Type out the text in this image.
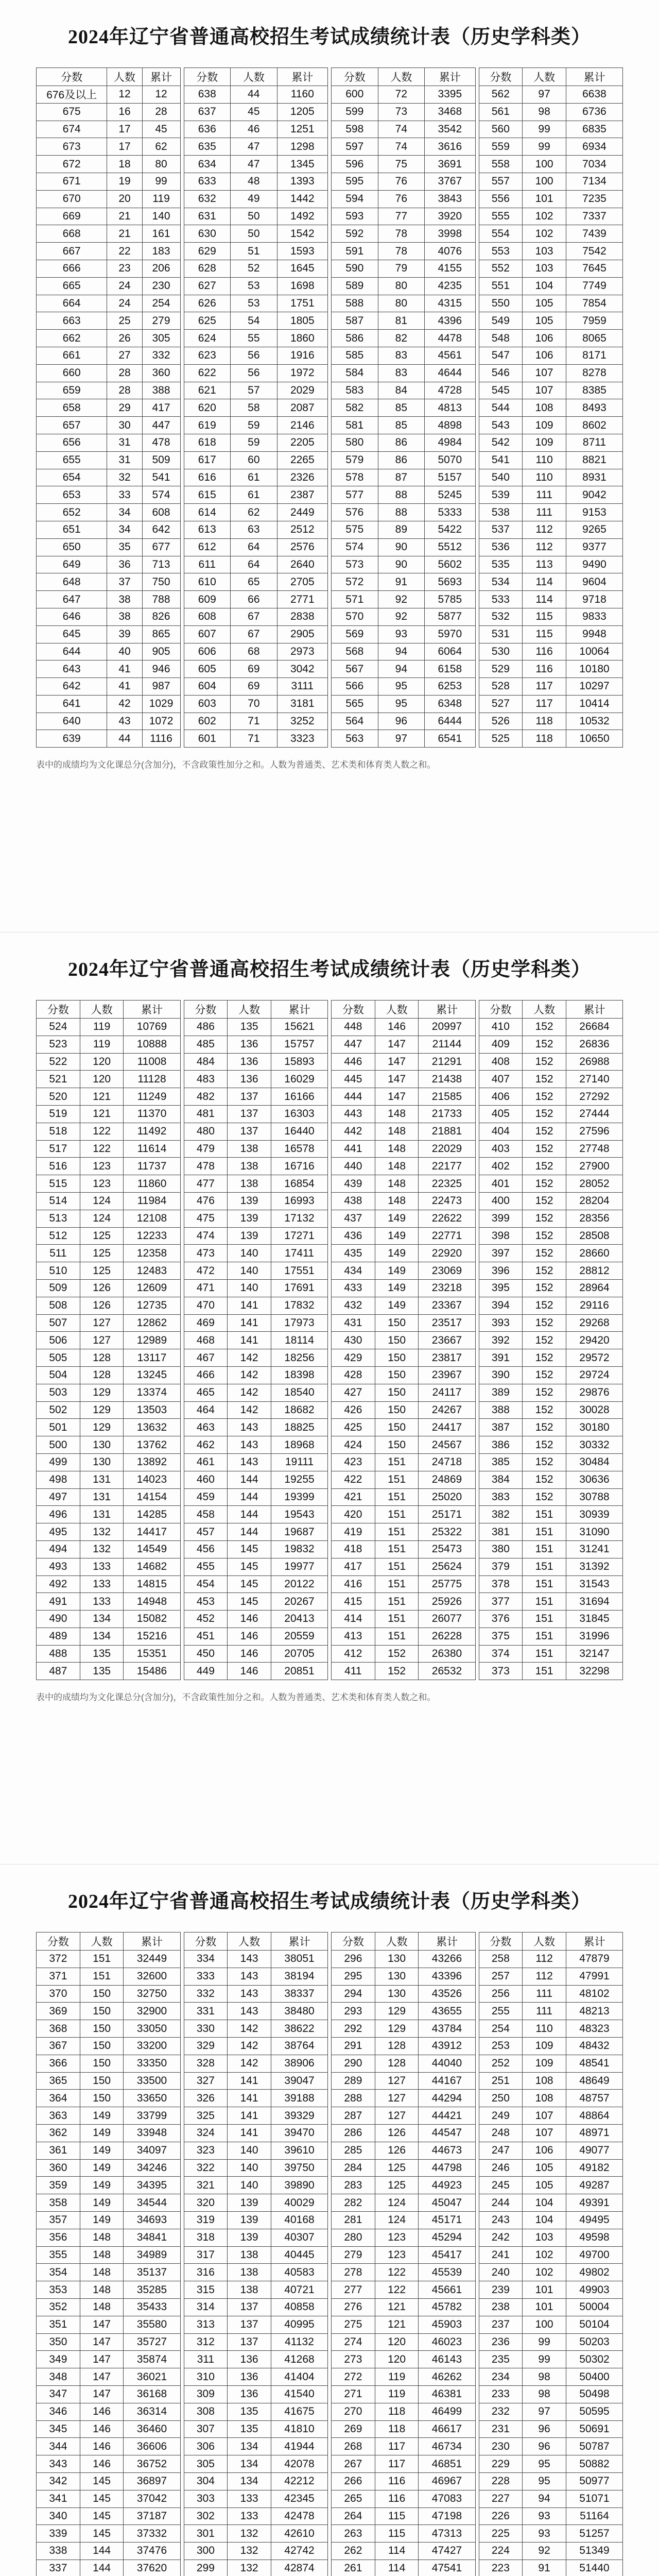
2024年辽宁省普通高校招生考试成绩统计表（历史学科类）
分数	人数	累计
676及以上	12	12
675	16	28
674	17	45
673	17	62
672	18	80
671	19	99
670	20	119
669	21	140
668	21	161
667	22	183
666	23	206
665	24	230
664	24	254
663	25	279
662	26	305
661	27	332
660	28	360
659	28	388
658	29	417
657	30	447
656	31	478
655	31	509
654	32	541
653	33	574
652	34	608
651	34	642
650	35	677
649	36	713
648	37	750
647	38	788
646	38	826
645	39	865
644	40	905
643	41	946
642	41	987
641	42	1029
640	43	1072
639	44	1116
分数	人数	累计
638	44	1160
637	45	1205
636	46	1251
635	47	1298
634	47	1345
633	48	1393
632	49	1442
631	50	1492
630	50	1542
629	51	1593
628	52	1645
627	53	1698
626	53	1751
625	54	1805
624	55	1860
623	56	1916
622	56	1972
621	57	2029
620	58	2087
619	59	2146
618	59	2205
617	60	2265
616	61	2326
615	61	2387
614	62	2449
613	63	2512
612	64	2576
611	64	2640
610	65	2705
609	66	2771
608	67	2838
607	67	2905
606	68	2973
605	69	3042
604	69	3111
603	70	3181
602	71	3252
601	71	3323
分数	人数	累计
600	72	3395
599	73	3468
598	74	3542
597	74	3616
596	75	3691
595	76	3767
594	76	3843
593	77	3920
592	78	3998
591	78	4076
590	79	4155
589	80	4235
588	80	4315
587	81	4396
586	82	4478
585	83	4561
584	83	4644
583	84	4728
582	85	4813
581	85	4898
580	86	4984
579	86	5070
578	87	5157
577	88	5245
576	88	5333
575	89	5422
574	90	5512
573	90	5602
572	91	5693
571	92	5785
570	92	5877
569	93	5970
568	94	6064
567	94	6158
566	95	6253
565	95	6348
564	96	6444
563	97	6541
分数	人数	累计
562	97	6638
561	98	6736
560	99	6835
559	99	6934
558	100	7034
557	100	7134
556	101	7235
555	102	7337
554	102	7439
553	103	7542
552	103	7645
551	104	7749
550	105	7854
549	105	7959
548	106	8065
547	106	8171
546	107	8278
545	107	8385
544	108	8493
543	109	8602
542	109	8711
541	110	8821
540	110	8931
539	111	9042
538	111	9153
537	112	9265
536	112	9377
535	113	9490
534	114	9604
533	114	9718
532	115	9833
531	115	9948
530	116	10064
529	116	10180
528	117	10297
527	117	10414
526	118	10532
525	118	10650
表中的成绩均为文化课总分(含加分)，不含政策性加分之和。人数为普通类、艺术类和体育类人数之和。
2024年辽宁省普通高校招生考试成绩统计表（历史学科类）
分数	人数	累计
524	119	10769
523	119	10888
522	120	11008
521	120	11128
520	121	11249
519	121	11370
518	122	11492
517	122	11614
516	123	11737
515	123	11860
514	124	11984
513	124	12108
512	125	12233
511	125	12358
510	125	12483
509	126	12609
508	126	12735
507	127	12862
506	127	12989
505	128	13117
504	128	13245
503	129	13374
502	129	13503
501	129	13632
500	130	13762
499	130	13892
498	131	14023
497	131	14154
496	131	14285
495	132	14417
494	132	14549
493	133	14682
492	133	14815
491	133	14948
490	134	15082
489	134	15216
488	135	15351
487	135	15486
分数	人数	累计
486	135	15621
485	136	15757
484	136	15893
483	136	16029
482	137	16166
481	137	16303
480	137	16440
479	138	16578
478	138	16716
477	138	16854
476	139	16993
475	139	17132
474	139	17271
473	140	17411
472	140	17551
471	140	17691
470	141	17832
469	141	17973
468	141	18114
467	142	18256
466	142	18398
465	142	18540
464	142	18682
463	143	18825
462	143	18968
461	143	19111
460	144	19255
459	144	19399
458	144	19543
457	144	19687
456	145	19832
455	145	19977
454	145	20122
453	145	20267
452	146	20413
451	146	20559
450	146	20705
449	146	20851
分数	人数	累计
448	146	20997
447	147	21144
446	147	21291
445	147	21438
444	147	21585
443	148	21733
442	148	21881
441	148	22029
440	148	22177
439	148	22325
438	148	22473
437	149	22622
436	149	22771
435	149	22920
434	149	23069
433	149	23218
432	149	23367
431	150	23517
430	150	23667
429	150	23817
428	150	23967
427	150	24117
426	150	24267
425	150	24417
424	150	24567
423	151	24718
422	151	24869
421	151	25020
420	151	25171
419	151	25322
418	151	25473
417	151	25624
416	151	25775
415	151	25926
414	151	26077
413	151	26228
412	152	26380
411	152	26532
分数	人数	累计
410	152	26684
409	152	26836
408	152	26988
407	152	27140
406	152	27292
405	152	27444
404	152	27596
403	152	27748
402	152	27900
401	152	28052
400	152	28204
399	152	28356
398	152	28508
397	152	28660
396	152	28812
395	152	28964
394	152	29116
393	152	29268
392	152	29420
391	152	29572
390	152	29724
389	152	29876
388	152	30028
387	152	30180
386	152	30332
385	152	30484
384	152	30636
383	152	30788
382	151	30939
381	151	31090
380	151	31241
379	151	31392
378	151	31543
377	151	31694
376	151	31845
375	151	31996
374	151	32147
373	151	32298
表中的成绩均为文化课总分(含加分)，不含政策性加分之和。人数为普通类、艺术类和体育类人数之和。
2024年辽宁省普通高校招生考试成绩统计表（历史学科类）
分数	人数	累计
372	151	32449
371	151	32600
370	150	32750
369	150	32900
368	150	33050
367	150	33200
366	150	33350
365	150	33500
364	150	33650
363	149	33799
362	149	33948
361	149	34097
360	149	34246
359	149	34395
358	149	34544
357	149	34693
356	148	34841
355	148	34989
354	148	35137
353	148	35285
352	148	35433
351	147	35580
350	147	35727
349	147	35874
348	147	36021
347	147	36168
346	146	36314
345	146	36460
344	146	36606
343	146	36752
342	145	36897
341	145	37042
340	145	37187
339	145	37332
338	144	37476
337	144	37620

分数	人数	累计
334	143	38051
333	143	38194
332	143	38337
331	143	38480
330	142	38622
329	142	38764
328	142	38906
327	141	39047
326	141	39188
325	141	39329
324	141	39470
323	140	39610
322	140	39750
321	140	39890
320	139	40029
319	139	40168
318	139	40307
317	138	40445
316	138	40583
315	138	40721
314	137	40858
313	137	40995
312	137	41132
311	136	41268
310	136	41404
309	136	41540
308	135	41675
307	135	41810
306	134	41944
305	134	42078
304	134	42212
303	133	42345
302	133	42478
301	132	42610
300	132	42742
299	132	42874

分数	人数	累计
296	130	43266
295	130	43396
294	130	43526
293	129	43655
292	129	43784
291	128	43912
290	128	44040
289	127	44167
288	127	44294
287	127	44421
286	126	44547
285	126	44673
284	125	44798
283	125	44923
282	124	45047
281	124	45171
280	123	45294
279	123	45417
278	122	45539
277	122	45661
276	121	45782
275	121	45903
274	120	46023
273	120	46143
272	119	46262
271	119	46381
270	118	46499
269	118	46617
268	117	46734
267	117	46851
266	116	46967
265	116	47083
264	115	47198
263	115	47313
262	114	47427
261	114	47541

分数	人数	累计
258	112	47879
257	112	47991
256	111	48102
255	111	48213
254	110	48323
253	109	48432
252	109	48541
251	108	48649
250	108	48757
249	107	48864
248	107	48971
247	106	49077
246	105	49182
245	105	49287
244	104	49391
243	104	49495
242	103	49598
241	102	49700
240	102	49802
239	101	49903
238	101	50004
237	100	50104
236	99	50203
235	99	50302
234	98	50400
233	98	50498
232	97	50595
231	96	50691
230	96	50787
229	95	50882
228	95	50977
227	94	51071
226	93	51164
225	93	51257
224	92	51349
223	91	51440
